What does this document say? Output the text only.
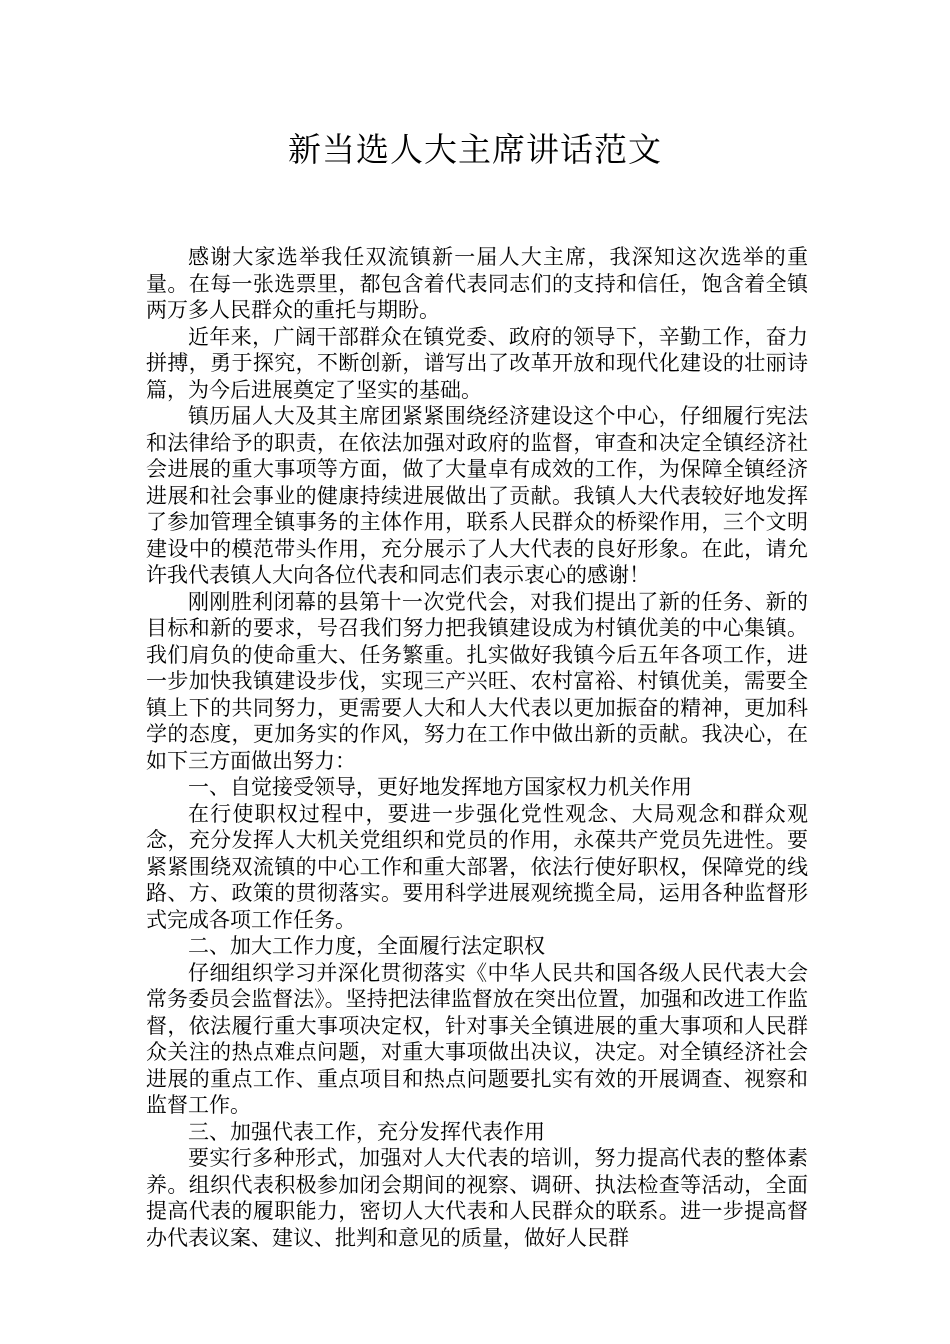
新当选人大主席讲话范文

感谢大家选举我任双流镇新一届人大主席，我深知这次选举的重量。在每一张选票里，都包含着代表同志们的支持和信任，饱含着全镇两万多人民群众的重托与期盼。

近年来，广阔干部群众在镇党委、政府的领导下，辛勤工作，奋力拼搏，勇于探究，不断创新，谱写出了改革开放和现代化建设的壮丽诗篇，为今后进展奠定了坚实的基础。

镇历届人大及其主席团紧紧围绕经济建设这个中心，仔细履行宪法和法律给予的职责，在依法加强对政府的监督，审查和决定全镇经济社会进展的重大事项等方面，做了大量卓有成效的工作，为保障全镇经济进展和社会事业的健康持续进展做出了贡献。我镇人大代表较好地发挥了参加管理全镇事务的主体作用，联系人民群众的桥梁作用，三个文明建设中的模范带头作用，充分展示了人大代表的良好形象。在此，请允许我代表镇人大向各位代表和同志们表示衷心的感谢！

刚刚胜利闭幕的县第十一次党代会，对我们提出了新的任务、新的目标和新的要求，号召我们努力把我镇建设成为村镇优美的中心集镇。我们肩负的使命重大、任务繁重。扎实做好我镇今后五年各项工作，进一步加快我镇建设步伐，实现三产兴旺、农村富裕、村镇优美，需要全镇上下的共同努力，更需要人大和人大代表以更加振奋的精神，更加科学的态度，更加务实的作风，努力在工作中做出新的贡献。我决心，在如下三方面做出努力：

一、自觉接受领导，更好地发挥地方国家权力机关作用

在行使职权过程中，要进一步强化党性观念、大局观念和群众观念，充分发挥人大机关党组织和党员的作用，永葆共产党员先进性。要紧紧围绕双流镇的中心工作和重大部署，依法行使好职权，保障党的线路、方、政策的贯彻落实。要用科学进展观统揽全局，运用各种监督形式完成各项工作任务。

二、加大工作力度，全面履行法定职权

仔细组织学习并深化贯彻落实《中华人民共和国各级人民代表大会常务委员会监督法》。坚持把法律监督放在突出位置，加强和改进工作监督，依法履行重大事项决定权，针对事关全镇进展的重大事项和人民群众关注的热点难点问题，对重大事项做出决议，决定。对全镇经济社会进展的重点工作、重点项目和热点问题要扎实有效的开展调查、视察和监督工作。

三、加强代表工作，充分发挥代表作用

要实行多种形式，加强对人大代表的培训，努力提高代表的整体素养。组织代表积极参加闭会期间的视察、调研、执法检查等活动，全面提高代表的履职能力，密切人大代表和人民群众的联系。进一步提高督办代表议案、建议、批判和意见的质量，做好人民群
